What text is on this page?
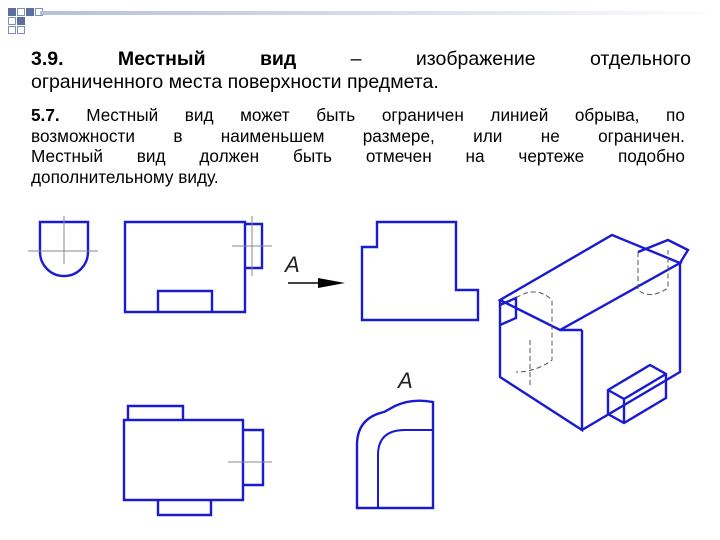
3.9.	Местный	вид	–	изображение	отдельного
ограниченного места поверхности предмета.
5.7. Местный вид может быть ограничен линией обрыва, по
возможности в наименьшем размере, или не ограничен.
Местный вид должен быть отмечен на чертеже подобно
дополнительному виду.
А
А
